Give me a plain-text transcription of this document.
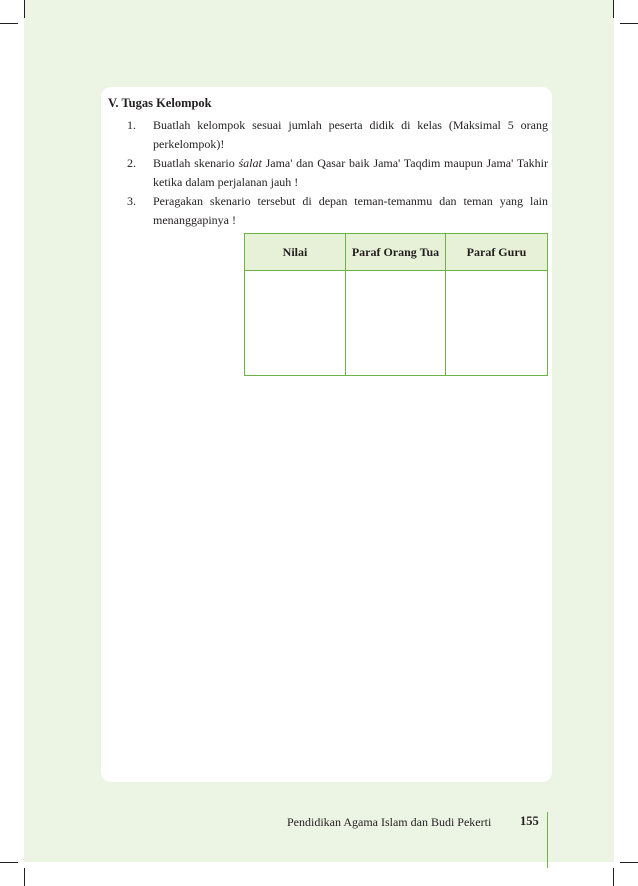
V. Tugas Kelompok
1. Buatlah kelompok sesuai jumlah peserta didik di kelas (Maksimal 5 orang perkelompok)!
2. Buatlah skenario śalat Jama' dan Qasar baik Jama' Taqdim maupun Jama' Takhir ketika dalam perjalanan jauh !
3. Peragakan skenario tersebut di depan teman-temanmu dan teman yang lain menanggapinya !
Nilai	Paraf Orang Tua	Paraf Guru

Pendidikan Agama Islam dan Budi Pekerti 155
